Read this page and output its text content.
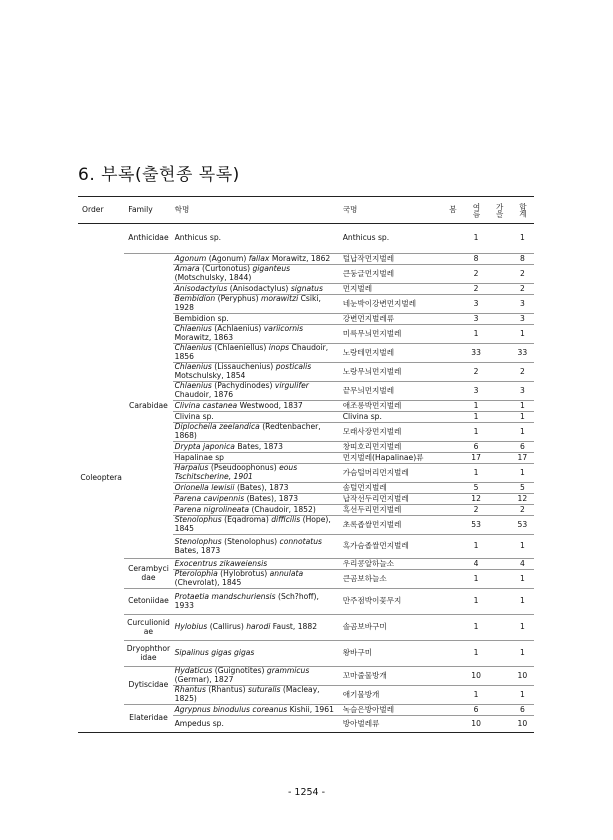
6. 부록(출현종 목록)
Order	Family	학명	국명	봄	여름	가을	합계
Coleoptera	Anthicidae	Anthicus sp.	Anthicus sp.		1		1
	Carabidae	Agonum (Agonum) fallax Morawitz, 1862	털납작먼지벌레		8		8
		Amara (Curtonotus) giganteus (Motschulsky, 1844)	큰둥글먼지벌레		2		2
		Anisodactylus (Anisodactylus) signatus	먼지벌레		2		2
		Bembidion (Peryphus) morawitzi Csiki, 1928	네눈박이강변먼지벌레		3		3
		Bembidion sp.	강변먼지벌레류		3		3
		Chlaenius (Achlaenius) variicornis Morawitz, 1863	미륵무늬먼지벌레		1		1
		Chlaenius (Chlaeniellus) inops Chaudoir, 1856	노랑테먼지벌레		33		33
		Chlaenius (Lissauchenius) posticalis Motschulsky, 1854	노랑무늬먼지벌레		2		2
		Chlaenius (Pachydinodes) virgulifer Chaudoir, 1876	끝무늬먼지벌레		3		3
		Clivina castanea Westwood, 1837	애조롱박먼지벌레		1		1
		Clivina sp.	Clivina sp.		1		1
		Diplocheila zeelandica (Redtenbacher, 1868)	모래사장먼지벌레		1		1
		Drypta japonica Bates, 1873	창띠호리먼지벌레		6		6
		Hapalinae sp	먼지벌레(Hapalinae)류		17		17
		Harpalus (Pseudoophonus) eous Tschitscherine, 1901	가슴털머리먼지벌레		1		1
		Orionella lewisii (Bates), 1873	솜털먼지벌레		5		5
		Parena cavipennis (Bates), 1873	납작선두리먼지벌레		12		12
		Parena nigrolineata (Chaudoir, 1852)	흑선두리먼지벌레		2		2
		Stenolophus (Eqadroma) difficilis (Hope), 1845	초록좁쌀먼지벌레		53		53
		Stenolophus (Stenolophus) connotatus Bates, 1873	흑가슴좁쌀먼지벌레		1		1
	Cerambycidae	Exocentrus zikaweiensis	우리콩알하늘소		4		4
		Pterolophia (Hylobrotus) annulata (Chevrolat), 1845	큰곰보하늘소		1		1
	Cetoniidae	Protaetia mandschuriensis (Sch?hoff), 1933	만주점박이꽃무지		1		1
	Curculionidae	Hylobius (Callirus) harodi Faust, 1882	솔곰보바구미		1		1
	Dryophthoridae	Sipalinus gigas gigas	왕바구미		1		1
	Dytiscidae	Hydaticus (Guignotites) grammicus (Germar), 1827	꼬마줄물방개		10		10
		Rhantus (Rhantus) suturalis (Macleay, 1825)	애기물방개		1		1
	Elateridae	Agrypnus binodulus coreanus Kishii, 1961	녹슬은방아벌레		6		6
		Ampedus sp.	방아벌레류		10		10
- 1254 -
